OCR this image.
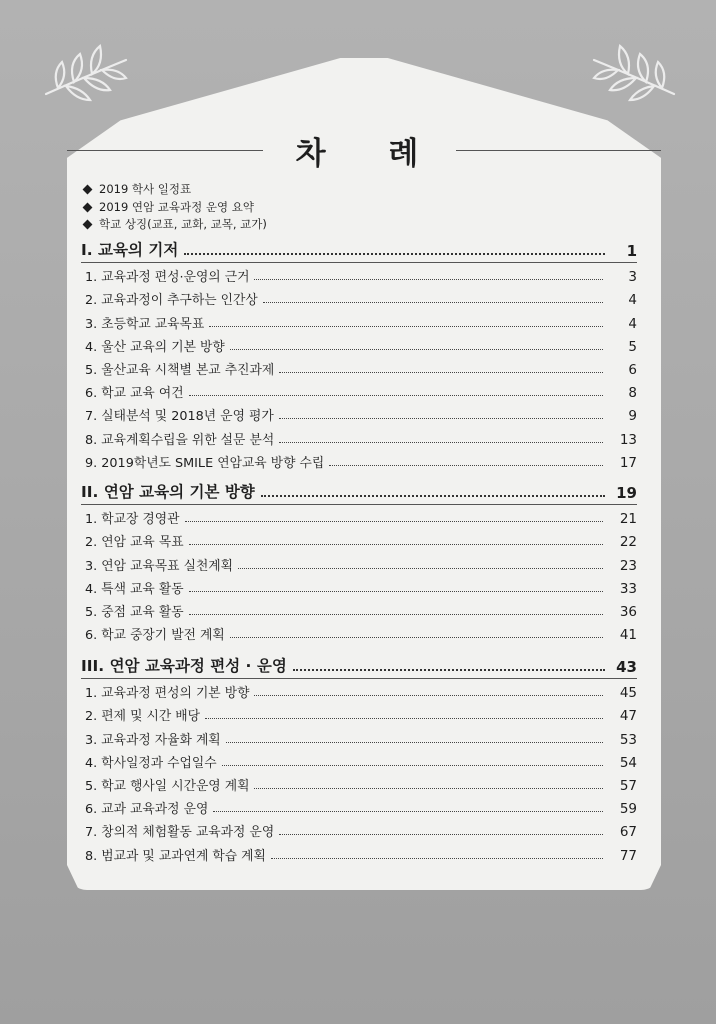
차 례
2019 학사 일정표
2019 연암 교육과정 운영 요약
학교 상징(교표, 교화, 교목, 교가)
I. 교육의 기저	1
1. 교육과정 편성·운영의 근거	3
2. 교육과정이 추구하는 인간상	4
3. 초등학교 교육목표	4
4. 울산 교육의 기본 방향	5
5. 울산교육 시책별 본교 추진과제	6
6. 학교 교육 여건	8
7. 실태분석 및 2018년 운영 평가	9
8. 교육계획수립을 위한 설문 분석	13
9. 2019학년도 SMILE 연암교육 방향 수립	17
II. 연암 교육의 기본 방향	19
1. 학교장 경영관	21
2. 연암 교육 목표	22
3. 연암 교육목표 실천계획	23
4. 특색 교육 활동	33
5. 중점 교육 활동	36
6. 학교 중장기 발전 계획	41
III. 연암 교육과정 편성 · 운영	43
1. 교육과정 편성의 기본 방향	45
2. 편제 및 시간 배당	47
3. 교육과정 자율화 계획	53
4. 학사일정과 수업일수	54
5. 학교 행사일 시간운영 계획	57
6. 교과 교육과정 운영	59
7. 창의적 체험활동 교육과정 운영	67
8. 범교과 및 교과연계 학습 계획	77
